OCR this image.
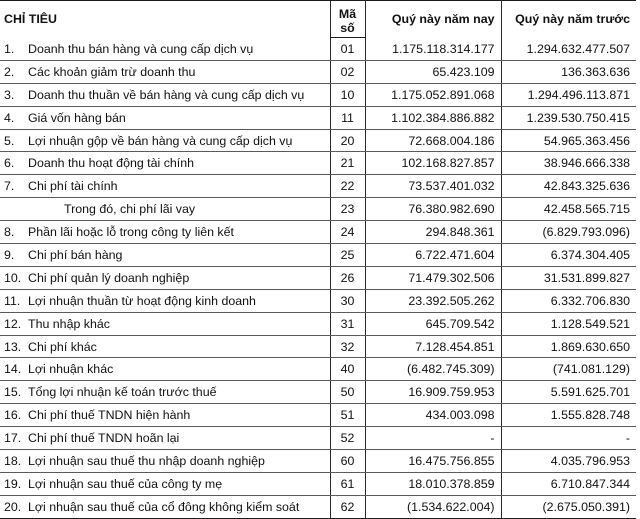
CHỈ TIÊU	Mã	Quý này năm nay	Quý này năm trước
	số		
1. Doanh thu bán hàng và cung cấp dịch vụ	01	1.175.118.314.177	1.294.632.477.507
2. Các khoản giảm trừ doanh thu	02	65.423.109	136.363.636
3. Doanh thu thuần về bán hàng và cung cấp dịch vụ	10	1.175.052.891.068	1.294.496.113.871
4. Giá vốn hàng bán	11	1.102.384.886.882	1.239.530.750.415
5. Lợi nhuận gộp về bán hàng và cung cấp dịch vụ	20	72.668.004.186	54.965.363.456
6. Doanh thu hoạt động tài chính	21	102.168.827.857	38.946.666.338
7. Chi phí tài chính	22	73.537.401.032	42.843.325.636
Trong đó, chi phí lãi vay	23	76.380.982.690	42.458.565.715
8. Phần lãi hoặc lỗ trong công ty liên kết	24	294.848.361	(6.829.793.096)
9. Chi phí bán hàng	25	6.722.471.604	6.374.304.405
10. Chi phí quản lý doanh nghiệp	26	71.479.302.506	31.531.899.827
11. Lợi nhuận thuần từ hoạt động kinh doanh	30	23.392.505.262	6.332.706.830
12. Thu nhập khác	31	645.709.542	1.128.549.521
13. Chi phí khác	32	7.128.454.851	1.869.630.650
14. Lợi nhuận khác	40	(6.482.745.309)	(741.081.129)
15. Tổng lợi nhuận kế toán trước thuế	50	16.909.759.953	5.591.625.701
16. Chi phí thuế TNDN hiện hành	51	434.003.098	1.555.828.748
17. Chi phí thuế TNDN hoãn lại	52	-	-
18. Lợi nhuận sau thuế thu nhập doanh nghiệp	60	16.475.756.855	4.035.796.953
19. Lợi nhuận sau thuế của công ty mẹ	61	18.010.378.859	6.710.847.344
20. Lợi nhuận sau thuế của cổ đông không kiểm soát	62	(1.534.622.004)	(2.675.050.391)
